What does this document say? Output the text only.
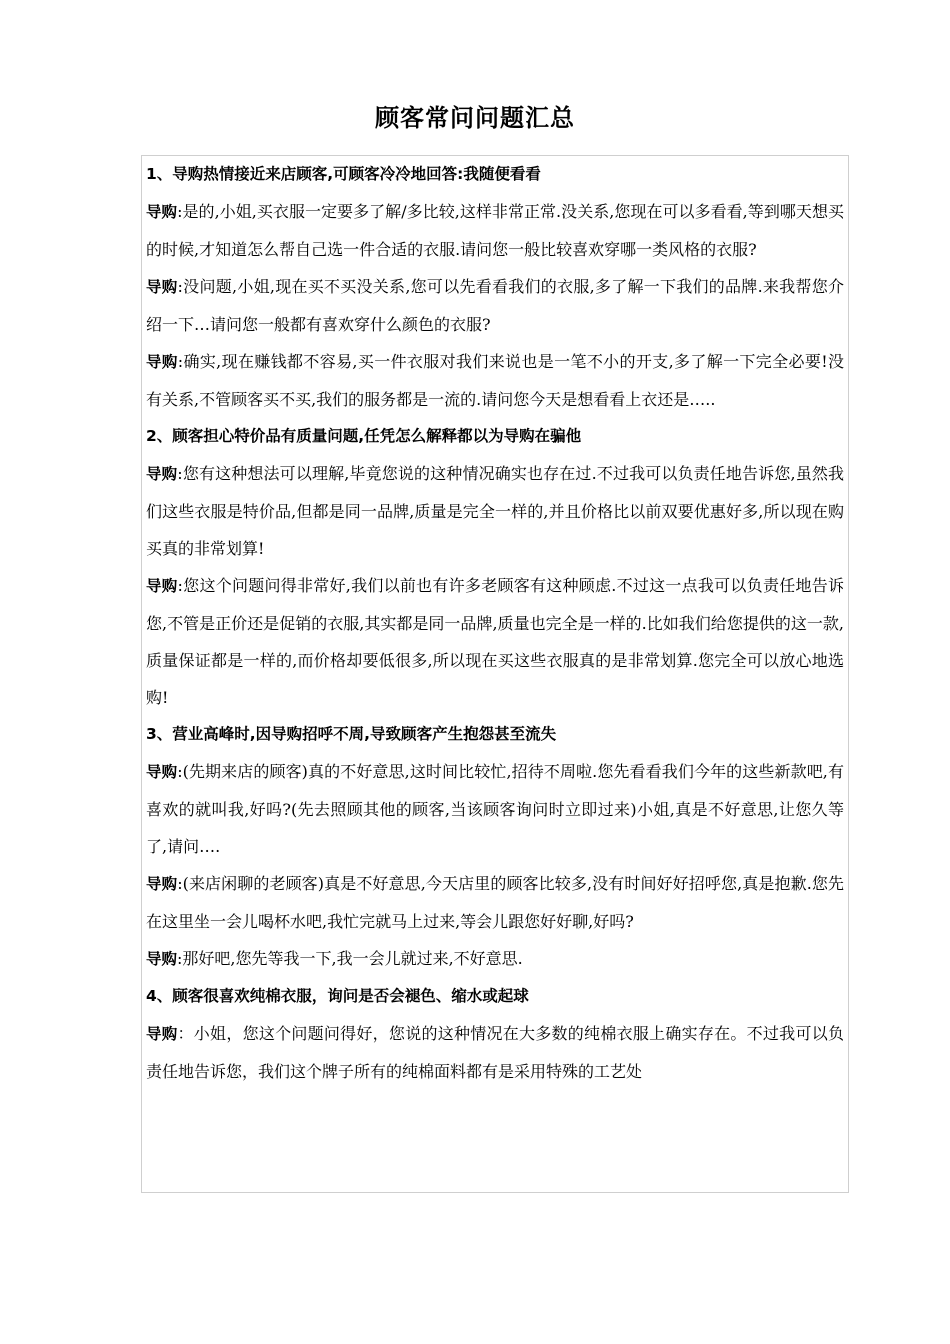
顾客常问问题汇总

1、导购热情接近来店顾客,可顾客冷冷地回答:我随便看看

导购:是的,小姐,买衣服一定要多了解/多比较,这样非常正常.没关系,您现在可以多看看,等到哪天想买的时候,才知道怎么帮自己选一件合适的衣服.请问您一般比较喜欢穿哪一类风格的衣服?

导购:没问题,小姐,现在买不买没关系,您可以先看看我们的衣服,多了解一下我们的品牌.来我帮您介绍一下…请问您一般都有喜欢穿什么颜色的衣服?

导购:确实,现在赚钱都不容易,买一件衣服对我们来说也是一笔不小的开支,多了解一下完全必要!没有关系,不管顾客买不买,我们的服务都是一流的.请问您今天是想看看上衣还是…..

2、顾客担心特价品有质量问题,任凭怎么解释都以为导购在骗他

导购:您有这种想法可以理解,毕竟您说的这种情况确实也存在过.不过我可以负责任地告诉您,虽然我们这些衣服是特价品,但都是同一品牌,质量是完全一样的,并且价格比以前双要优惠好多,所以现在购买真的非常划算!

导购:您这个问题问得非常好,我们以前也有许多老顾客有这种顾虑.不过这一点我可以负责任地告诉您,不管是正价还是促销的衣服,其实都是同一品牌,质量也完全是一样的.比如我们给您提供的这一款,质量保证都是一样的,而价格却要低很多,所以现在买这些衣服真的是非常划算.您完全可以放心地选购!

3、营业高峰时,因导购招呼不周,导致顾客产生抱怨甚至流失

导购:(先期来店的顾客)真的不好意思,这时间比较忙,招待不周啦.您先看看我们今年的这些新款吧,有喜欢的就叫我,好吗?(先去照顾其他的顾客,当该顾客询问时立即过来)小姐,真是不好意思,让您久等了,请问….

导购:(来店闲聊的老顾客)真是不好意思,今天店里的顾客比较多,没有时间好好招呼您,真是抱歉.您先在这里坐一会儿喝杯水吧,我忙完就马上过来,等会儿跟您好好聊,好吗?

导购:那好吧,您先等我一下,我一会儿就过来,不好意思.

4、顾客很喜欢纯棉衣服，询问是否会褪色、缩水或起球

导购：小姐，您这个问题问得好，您说的这种情况在大多数的纯棉衣服上确实存在。不过我可以负责任地告诉您，我们这个牌子所有的纯棉面料都有是采用特殊的工艺处
